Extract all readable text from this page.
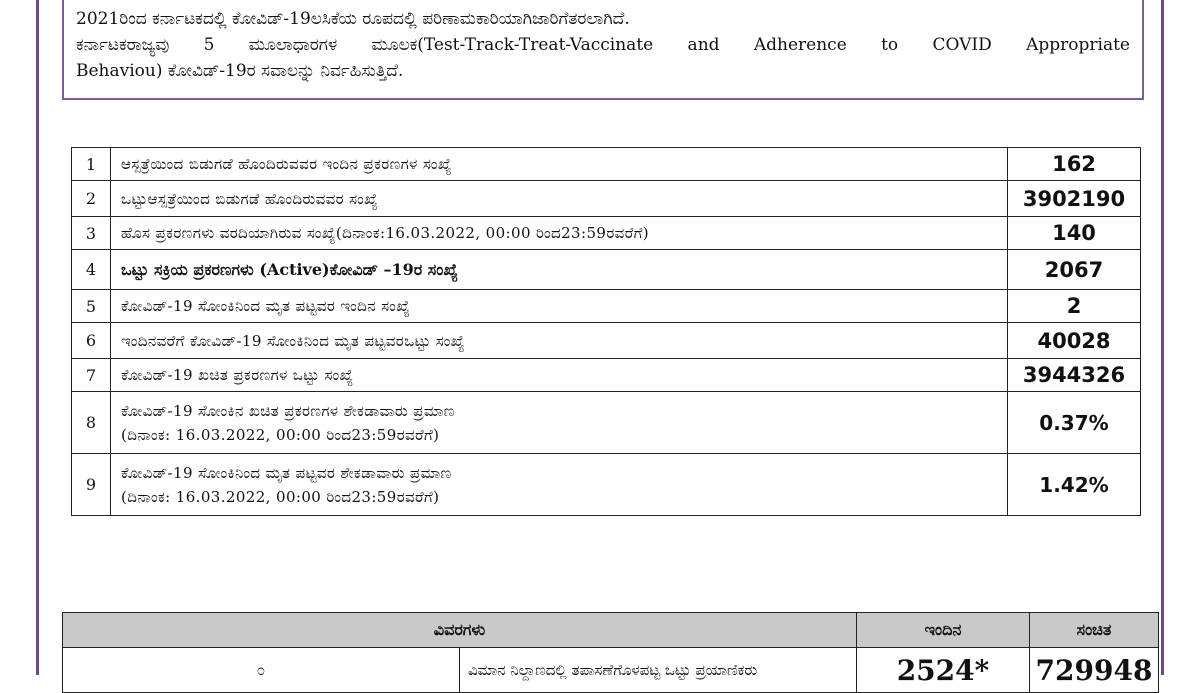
2021ರಿಂದ ಕರ್ನಾಟಕದಲ್ಲಿ ಕೋವಿಡ್-19ಲಸಿಕೆಯ ರೂಪದಲ್ಲಿ ಪರಿಣಾಮಕಾರಿಯಾಗಿಜಾರಿಗೆತರಲಾಗಿದೆ.
ಕರ್ನಾಟಕರಾಜ್ಯವು 5 ಮೂಲಾಧಾರಗಳ ಮೂಲಕ(Test-Track-Treat-Vaccinate and Adherence to COVID Appropriate
Behaviou) ಕೋವಿಡ್-19ರ ಸವಾಲನ್ನು ನಿರ್ವಹಿಸುತ್ತಿದೆ.
1	ಆಸ್ಪತ್ರೆಯಿಂದ ಬಿಡುಗಡೆ ಹೊಂದಿರುವವರ ಇಂದಿನ ಪ್ರಕರಣಗಳ ಸಂಖ್ಯೆ	162
2	ಒಟ್ಟುಆಸ್ಪತ್ರೆಯಿಂದ ಬಿಡುಗಡೆ ಹೊಂದಿರುವವರ ಸಂಖ್ಯೆ	3902190
3	ಹೊಸ ಪ್ರಕರಣಗಳು ವರದಿಯಾಗಿರುವ ಸಂಖ್ಯೆ(ದಿನಾಂಕ:16.03.2022, 00:00 ರಿಂದ23:59ರವರೆಗೆ)	140
4	ಒಟ್ಟು ಸಕ್ರಿಯ ಪ್ರಕರಣಗಳು (Active)ಕೋವಿಡ್ –19ರ ಸಂಖ್ಯೆ	2067
5	ಕೋವಿಡ್-19 ಸೋಂಕಿನಿಂದ ಮೃತ ಪಟ್ಟವರ ಇಂದಿನ ಸಂಖ್ಯೆ	2
6	ಇಂದಿನವರೆಗೆ ಕೋವಿಡ್-19 ಸೋಂಕಿನಿಂದ ಮೃತ ಪಟ್ಟವರಒಟ್ಟು ಸಂಖ್ಯೆ	40028
7	ಕೋವಿಡ್-19 ಖಚಿತ ಪ್ರಕರಣಗಳ ಒಟ್ಟು ಸಂಖ್ಯೆ	3944326
8	ಕೋವಿಡ್-19 ಸೋಂಕಿನ ಖಚಿತ ಪ್ರಕರಣಗಳ ಶೇಕಡಾವಾರು ಪ್ರಮಾಣ
(ದಿನಾಂಕ: 16.03.2022, 00:00 ರಿಂದ23:59ರವರೆಗೆ)	0.37%
9	ಕೋವಿಡ್-19 ಸೋಂಕಿನಿಂದ ಮೃತ ಪಟ್ಟವರ ಶೇಕಡಾವಾರು ಪ್ರಮಾಣ
(ದಿನಾಂಕ: 16.03.2022, 00:00 ರಿಂದ23:59ರವರೆಗೆ)	1.42%
ವಿವರಗಳು		ಇಂದಿನ	ಸಂಚಿತ
೦	ವಿಮಾನ ನಿಲ್ದಾಣದಲ್ಲಿ ತಪಾಸಣೆಗೊಳಪಟ್ಟ ಒಟ್ಟು ಪ್ರಯಾಣಿಕರು	2524*	729948
